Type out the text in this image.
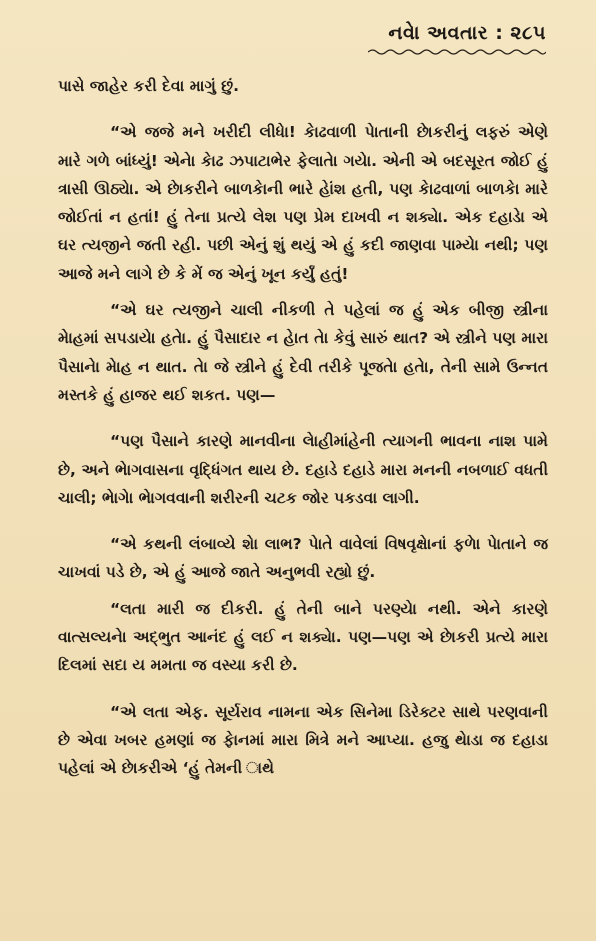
નવેા અવતાર : ૨૮૫

પાસે જાહેર કરી દેવા માગું છું.

“એ જજે મને ખરીદી લીધેા! કેાઢવાળી પેાતાની છેાકરીનું લફરું એણે મારે ગળે બાંધ્યું! એનેા કેાઢ ઝપાટાભેર ફેલાતેા ગયેા. એની એ બદસૂરત જોઈ હું ત્રાસી ઊઠ્યેા. એ છેાકરીને બાળકેાની ભારે હેાંશ હતી, પણ કેાઢવાળાં બાળકેા મારે જોઈતાં ન હતાં! હું તેના પ્રત્યે લેશ પણ પ્રેમ દાખવી ન શક્યેા. એક દહાડેા એ ઘર ત્યજીને જતી રહી. પછી એનું શું થયું એ હું કદી જાણવા પામ્યેા નથી; પણ આજે મને લાગે છે કે મેં જ એનું ખૂન કર્યું હતું!

“એ ઘર ત્યજીને ચાલી નીકળી તે પહેલાં જ હું એક બીજી સ્ત્રીના મેાહમાં સપડાયેા હતેા. હું પૈસાદાર ન હેાત તેા કેવું સારું થાત? એ સ્ત્રીને પણ મારા પૈસાનેા મેાહ ન થાત. તેા જે સ્ત્રીને હું દેવી તરીકે પૂજતેા હતેા, તેની સામે ઉન્નત મસ્તકે હું હાજર થઈ શકત. પણ—

“પણ પૈસાને કારણે માનવીના લેાહીમાંહેની ત્યાગની ભાવના નાશ પામે છે, અને ભેાગવાસના વૃદ્ધિંગત થાય છે. દહાડે દહાડે મારા મનની નબળાઈ વધતી ચાલી; ભેાગેા ભેાગવવાની શરીરની ચટક જોર પકડવા લાગી.

“એ કથની લંબાવ્યે શેા લાભ? પેાતે વાવેલાં વિષવૃક્ષેાનાં ફળેા પેાતાને જ ચાખવાં પડે છે, એ હું આજે જાતે અનુભવી રહ્યો છું.

“લતા મારી જ દીકરી. હું તેની બાને પરણ્યેા નથી. એને કારણે વાત્સલ્યનેા અદ્ભુત આનંદ હું લઈ ન શક્યેા. પણ—પણ એ છેાકરી પ્રત્યે મારા દિલમાં સદા ય મમતા જ વસ્યા કરી છે.

“એ લતા એફ. સૂર્યરાવ નામના એક સિનેમા ડિરેક્ટર સાથે પરણવાની છે એવા ખબર હમણાં જ ફેાનમાં મારા મિત્રે મને આપ્યા. હજુ થેાડા જ દહાડા પહેલાં એ છેાકરીએ ‘હું તેમની ાથે
